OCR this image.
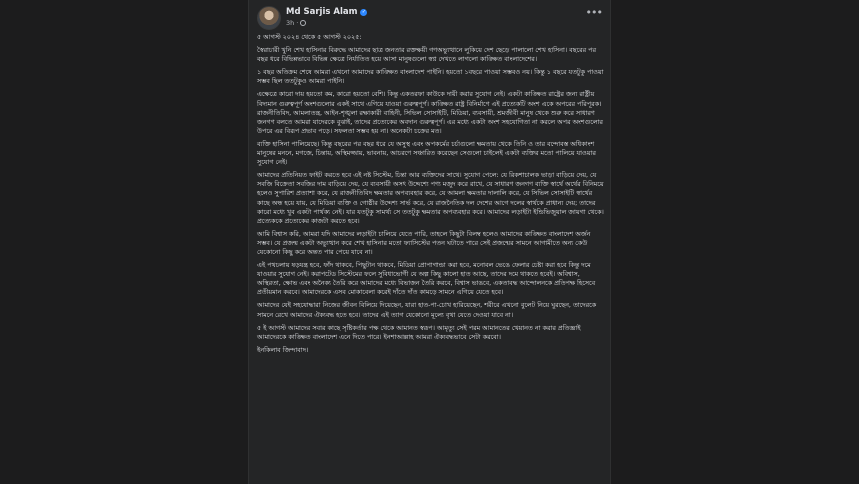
Md Sarjis Alam ✓
3h ·
•••

৫ আগস্ট ২০২৪ থেকে ৫ আগস্ট ২০২৫:

স্বৈরাচারী খুনি শেখ হাসিনার বিরুদ্ধে আমাদের ছাত্র জনতার রক্তক্ষয়ী গণঅভ্যুত্থানে লুকিয়ে দেশ ছেড়ে পালালো শেখ হাসিনা। বছরের পর বছর ধরে বিভিন্নভাবে বিভিন্ন ক্ষেত্রে নির্যাতিত হয়ে আসা মানুষগুলো স্বপ্ন দেখতে লাগলো কাঙ্ক্ষিত বাংলাদেশের।

১ বছর অতিক্রম শেষে আমরা এখনো আমাদের কাঙ্ক্ষিত বাংলাদেশ পাইনি। হয়তো ১বছরে পাওয়া সম্ভবও নয়। কিন্তু ১ বছরে যতটুকু পাওয়া সম্ভব ছিল ততটুকুও আমরা পাইনি।

এক্ষেত্রে কারো দায় হয়তো কম, কারো হয়তো বেশি। কিন্তু একতরফা কাউকে দায়ী করার সুযোগ নেই। একটা কাঙ্ক্ষিত রাষ্ট্রের জন্য রাষ্ট্রীয় বিদ্যমান গুরুত্বপূর্ণ অংশগুলোর একই সাথে এগিয়ে যাওয়া গুরুত্বপূর্ণ। কাঙ্ক্ষিত রাষ্ট্র বিনির্মাণে এই প্রত্যেকটি অংশ একে অপরের পরিপূরক। রাজনীতিবিদ, আমলাতন্ত্র, আইন-শৃঙ্খলা রক্ষাকারী বাহিনী, সিভিল সোসাইটি, মিডিয়া, ব্যবসায়ী, শ্রমজীবী মানুষ থেকে শুরু করে সাধারণ জনগণ বলতে আমরা যাদেরকে বুঝাই, তাদের প্রত্যেকের অবদান গুরুত্বপূর্ণ। এর মধ্যে একটা অংশ সহযোগিতা না করলে অপর অংশগুলোর উপরে এর বিরূপ প্রভাব পড়ে। সফলতা সম্ভব হয় না। অনেকটা চক্রের মত।

ব্যক্তি হাসিনা পালিয়েছে। কিন্তু বছরের পর বছর ধরে যে অসুস্থ এবং অপকর্মের চর্চাগুলো ক্ষমতায় থেকে তিনি ও তার বন্দোবস্ত অধিকাংশ মানুষের মননে, মগজে, চিন্তায়, অস্থিমজ্জায়, ভাবনায়, আচরণে সঞ্চারিত করেছেন সেগুলো চাইলেই একটা ব্যক্তির মতো পালিয়ে যাওয়ার সুযোগ নেই।

আমাদের প্রতিনিয়ত ফাইট করতে হবে এই নষ্ট সিস্টেম, চিন্তা আর ব্যক্তিদের সাথে। সুযোগ পেলে: যে রিকশাচালক ভাড়া বাড়িয়ে দেয়, যে সবজি বিক্রেতা সবজির দাম বাড়িয়ে দেয়, যে ব্যবসায়ী অসৎ উদ্দেশ্যে পণ্য মজুদ করে রাখে, যে সাধারণ জনগণ ব্যক্তি স্বার্থে অর্থের বিনিময়ে হলেও সুপারিশ প্রত্যাশা করে, যে রাজনীতিবিদ ক্ষমতার অপব্যবহার করে, যে আমলা ক্ষমতার দালালি করে, যে সিভিল সোসাইটি স্বার্থের কাছে অন্ধ হয়ে যায়, যে মিডিয়া ব্যক্তি ও গোষ্ঠীর উদ্দেশ্য সার্ভ করে, যে রাজনৈতিক দল দেশের আগে দলের স্বার্থকে প্রাধান্য দেয়; তাদের কারো মধ্যে খুব একটা পার্থক্য নেই। যার যতটুকু সামর্থ্য সে ততটুকু ক্ষমতার অপব্যবহার করে। আমাদের লড়াইটা ইন্ডিভিজুয়াল জায়গা থেকে। প্রত্যেককে প্রত্যেকের কাজটা করতে হবে।

আমি বিশ্বাস করি, আমরা যদি আমাদের লড়াইটা চালিয়ে যেতে পারি, তাহলে কিছুটা বিলম্ব হলেও আমাদের কাঙ্ক্ষিত বাংলাদেশ অর্জন সম্ভব। যে প্রজন্ম একটা অভ্যুত্থান করে শেখ হাসিনার মতো ফ্যাসিস্টের পতন ঘটাতে পারে সেই প্রজন্মের সামনে আগামীতে অন্য কেউ যেকোনো কিছু করে অন্তত পার পেয়ে যাবে না।

এই পথচলায় ষড়যন্ত্র হবে, ফাঁদ থাকবে, পিছুটান থাকবে, মিডিয়া প্রোপাগান্ডা করা হবে, মনোবল ভেঙে ফেলার চেষ্টা করা হবে কিন্তু দমে যাওয়ার সুযোগ নেই। করাপটেড সিস্টেমের ফলে সুবিধাভোগী যে অল্প কিছু কালো হাত আছে, তাদের দমে থাকতে হবেই। অবিশ্বাস, অস্থিরতা, ক্ষোভ এবং অনৈক্য তৈরি করে আমাদের মধ্যে বিভাজন তৈরি করবে, বিশ্বাস ভাঙবে, একতাবদ্ধ আন্দোলনকে প্রতিপক্ষ হিসেবে প্রতীয়মান করবে। আমাদেরকে এসব মোকাবেলা করেই দাঁতে দাঁত কামড়ে সামনে এগিয়ে যেতে হবে।

আমাদের যেই সহযোদ্ধারা নিজের জীবন বিলিয়ে দিয়েছেন, যারা হাত-পা-চোখ হারিয়েছেন, শরীরে এখনো বুলেট নিয়ে ঘুরছেন, তাদেরকে সামনে রেখে আমাদের ঐক্যবদ্ধ হতে হবে। তাদের এই ত্যাগ যেকোনো মূল্যে বৃথা যেতে দেওয়া যাবে না।

৫ ই আগস্ট আমাদের সবার কাছে সৃষ্টিকর্তার পক্ষ থেকে আমানত স্বরূপ। আমৃত্যু সেই পরম আমানতের খেয়ানত না করার প্রতিজ্ঞাই আমাদেরকে কাঙ্ক্ষিত বাংলাদেশ এনে দিতে পারে। ইনশাআল্লাহ আমরা ঐক্যবদ্ধভাবে সেটা করবো।

ইনকিলাব জিন্দাবাদ।
